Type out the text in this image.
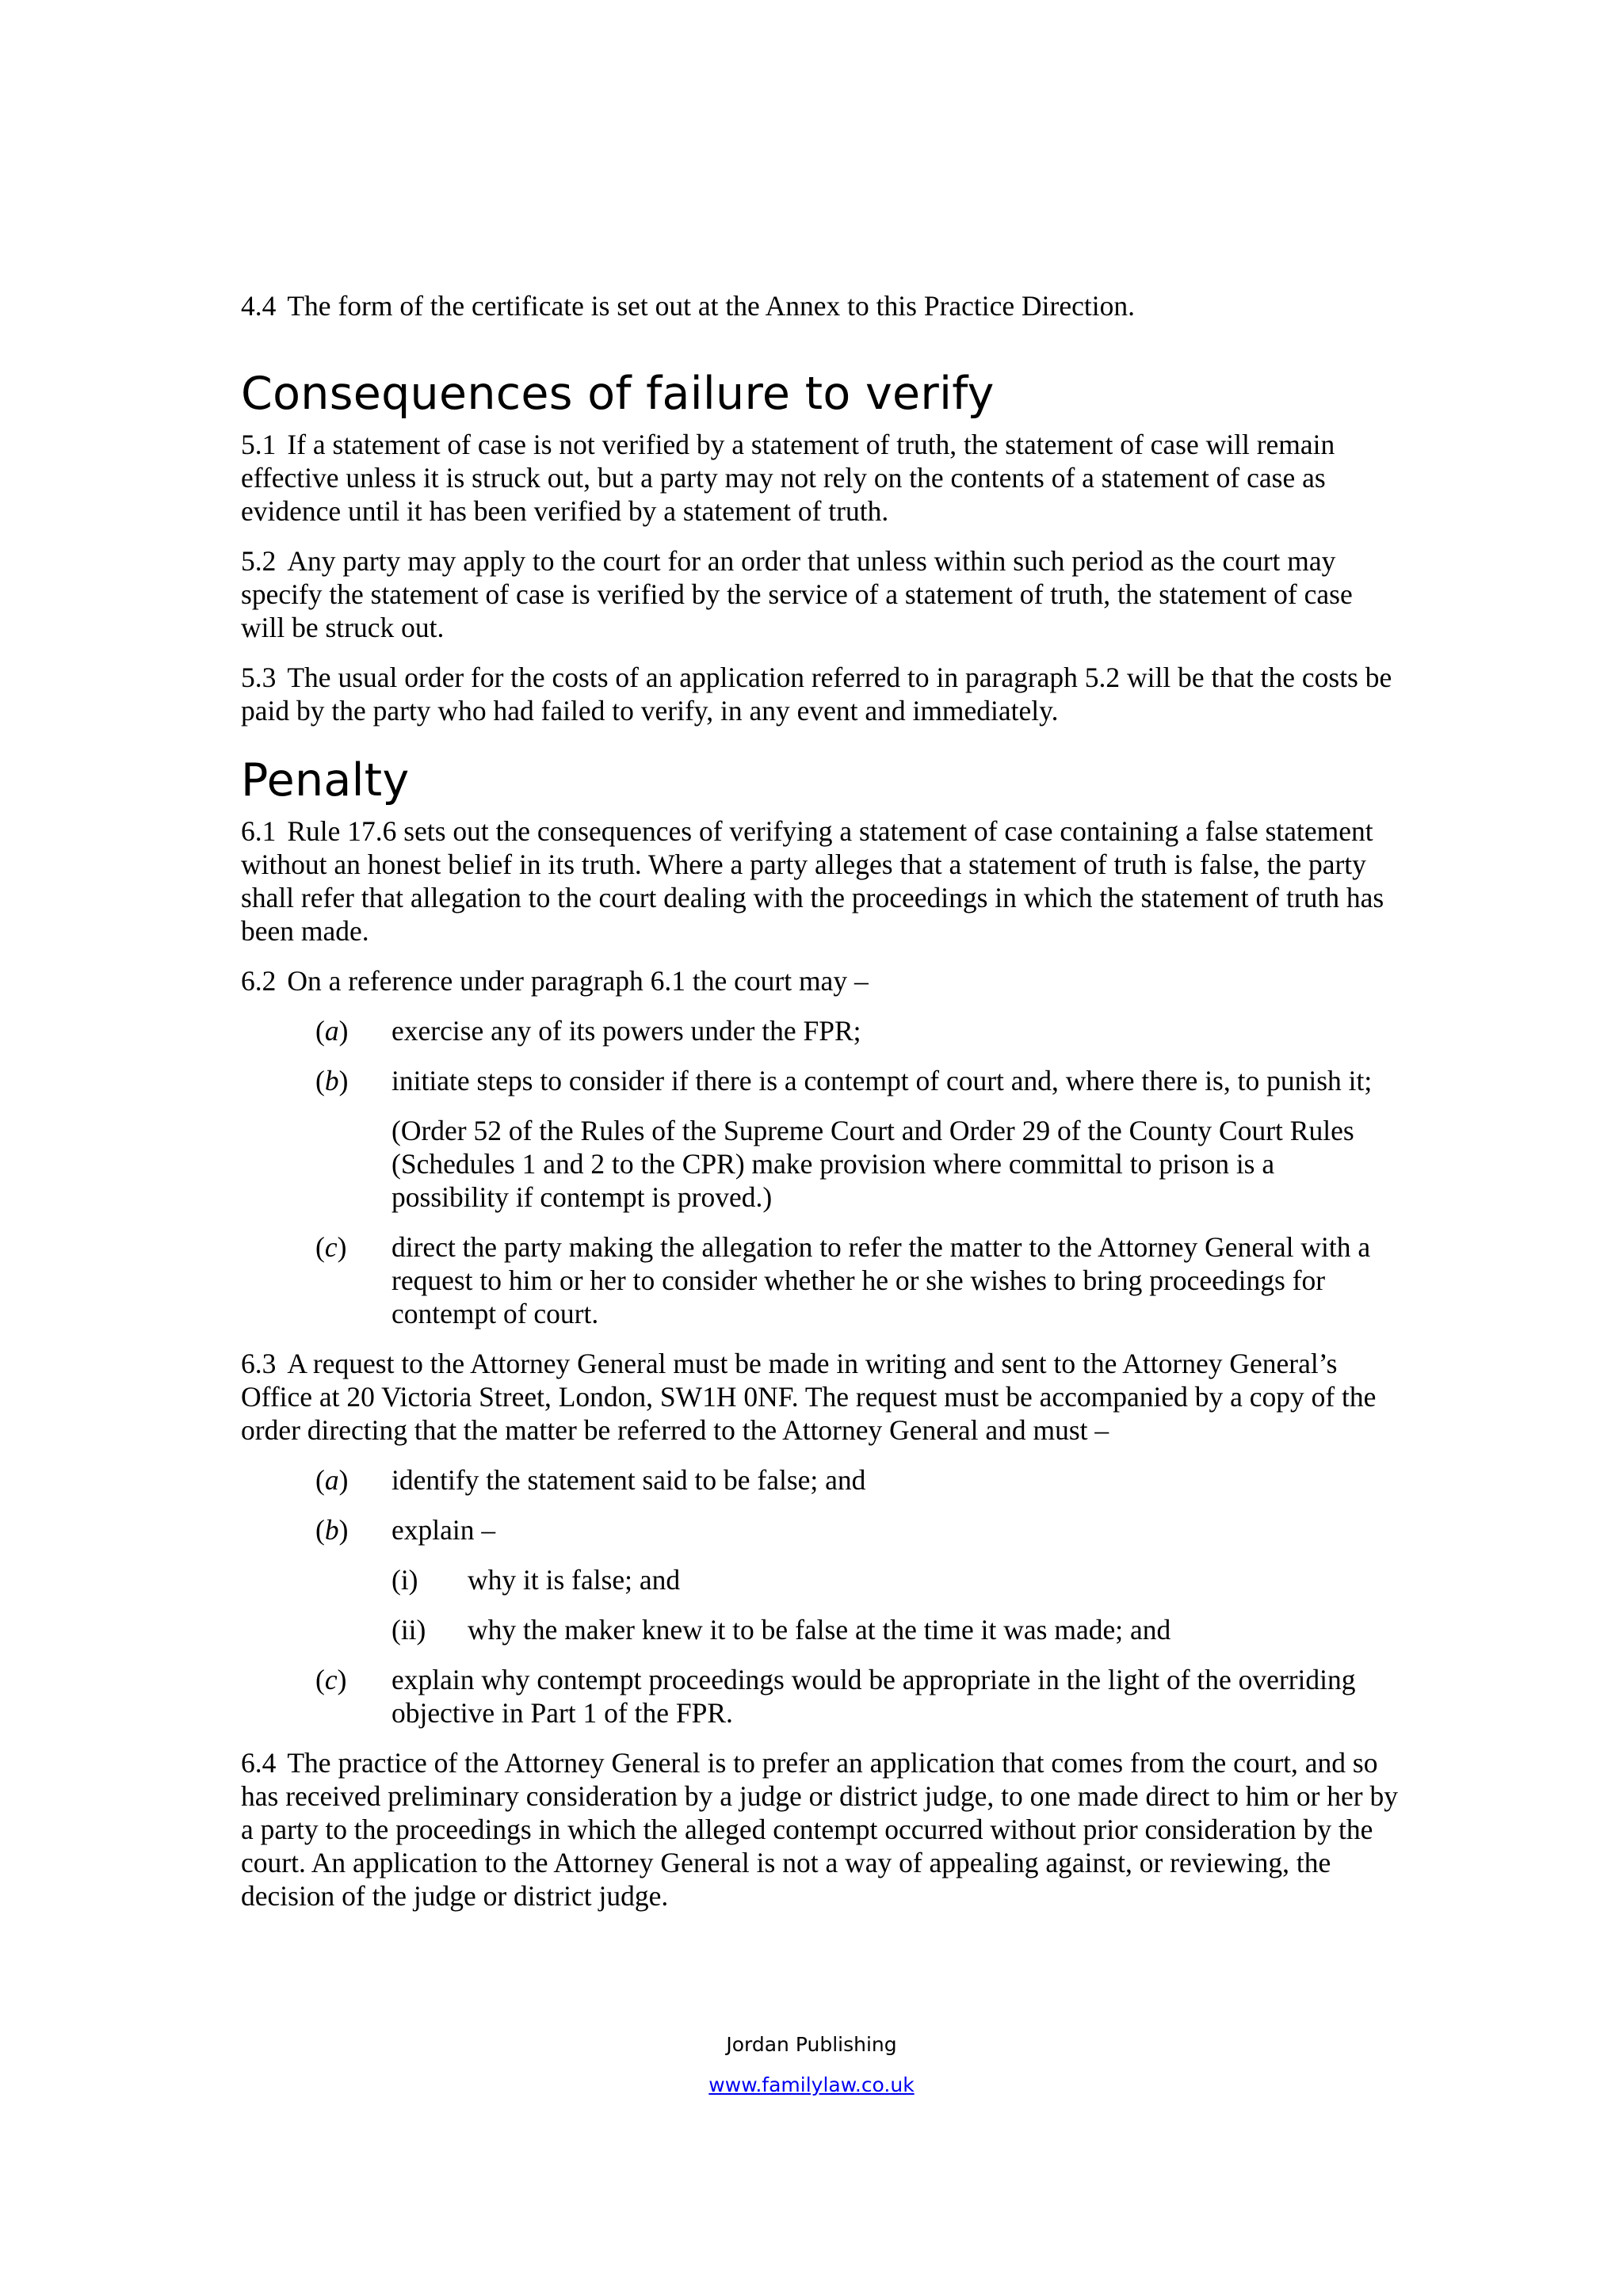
4.4 The form of the certificate is set out at the Annex to this Practice Direction.

Consequences of failure to verify

5.1 If a statement of case is not verified by a statement of truth, the statement of case will remain effective unless it is struck out, but a party may not rely on the contents of a statement of case as evidence until it has been verified by a statement of truth.

5.2 Any party may apply to the court for an order that unless within such period as the court may specify the statement of case is verified by the service of a statement of truth, the statement of case will be struck out.

5.3 The usual order for the costs of an application referred to in paragraph 5.2 will be that the costs be paid by the party who had failed to verify, in any event and immediately.

Penalty

6.1 Rule 17.6 sets out the consequences of verifying a statement of case containing a false statement without an honest belief in its truth. Where a party alleges that a statement of truth is false, the party shall refer that allegation to the court dealing with the proceedings in which the statement of truth has been made.

6.2 On a reference under paragraph 6.1 the court may –

(a)	exercise any of its powers under the FPR;
(b)	initiate steps to consider if there is a contempt of court and, where there is, to punish it;

(Order 52 of the Rules of the Supreme Court and Order 29 of the County Court Rules (Schedules 1 and 2 to the CPR) make provision where committal to prison is a possibility if contempt is proved.)

(c)	direct the party making the allegation to refer the matter to the Attorney General with a request to him or her to consider whether he or she wishes to bring proceedings for contempt of court.

6.3 A request to the Attorney General must be made in writing and sent to the Attorney General’s Office at 20 Victoria Street, London, SW1H 0NF. The request must be accompanied by a copy of the order directing that the matter be referred to the Attorney General and must –

(a)	identify the statement said to be false; and
(b)	explain –
(i)	why it is false; and
(ii)	why the maker knew it to be false at the time it was made; and
(c)	explain why contempt proceedings would be appropriate in the light of the overriding objective in Part 1 of the FPR.

6.4 The practice of the Attorney General is to prefer an application that comes from the court, and so has received preliminary consideration by a judge or district judge, to one made direct to him or her by a party to the proceedings in which the alleged contempt occurred without prior consideration by the court. An application to the Attorney General is not a way of appealing against, or reviewing, the decision of the judge or district judge.

Jordan Publishing
www.familylaw.co.uk
